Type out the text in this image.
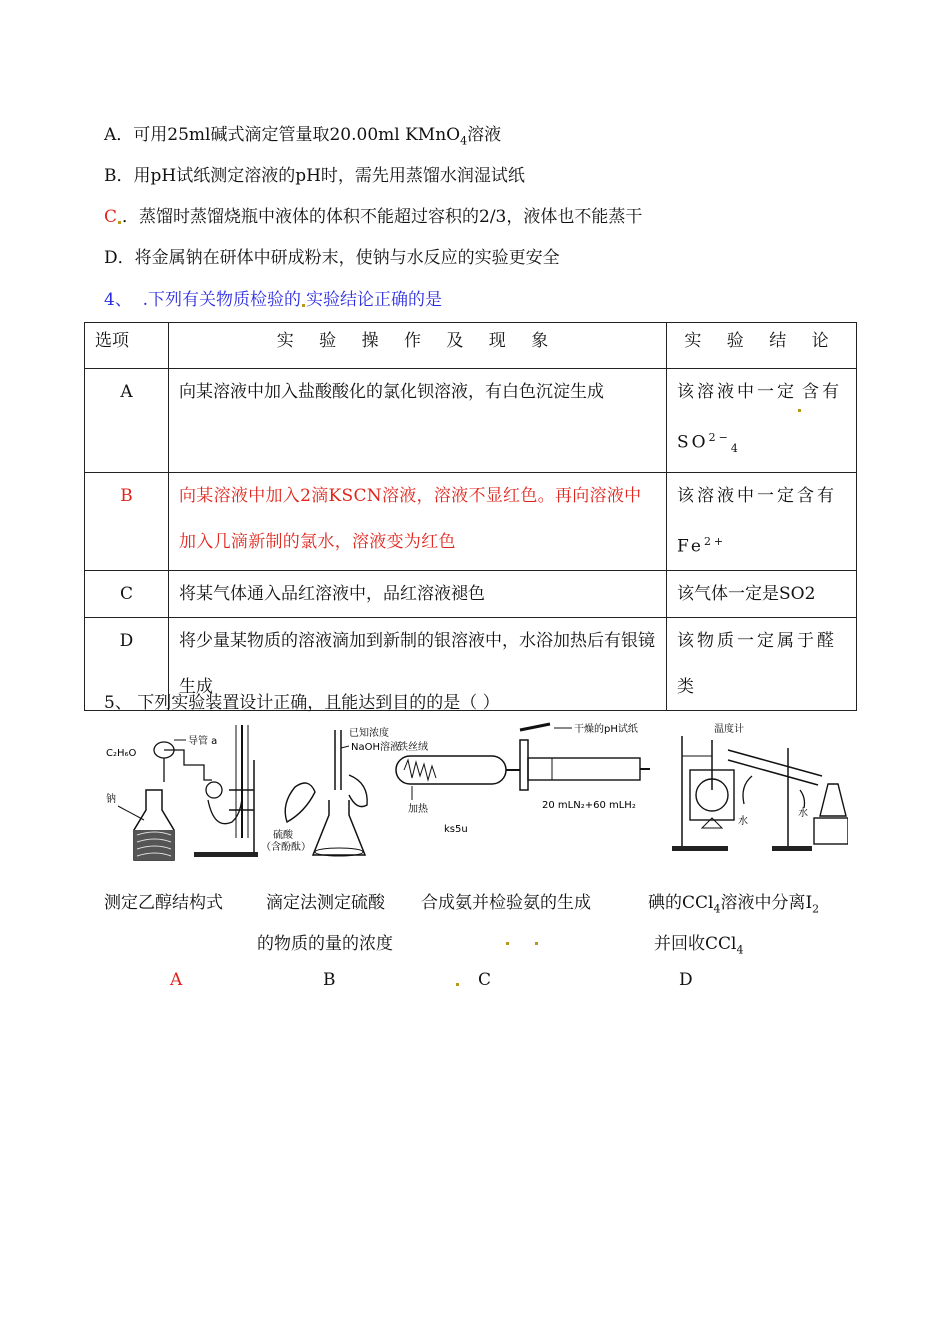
A．可用25ml碱式滴定管量取20.00ml KMnO$_4$溶液
B．用pH试纸测定溶液的pH时，需先用蒸馏水润湿试纸
C ．蒸馏时蒸馏烧瓶中液体的体积不能超过容积的2/3，液体也不能蒸干
D．将金属钠在研体中研成粉末，使钠与水反应的实验更安全
4、 .下列有关物质检验的 实验结论正确的是
选项	实 验 操 作 及 现 象	实 验 结 论
A	向某溶液中加入盐酸酸化的氯化钡溶液，有白色沉淀生成	该溶液中一定 含有
$SO^{2-}_4$
B	向某溶液中加入2滴KSCN溶液，溶液不显红色。再向溶液中加入几滴新制的氯水，溶液变为红色	该溶液中一定含有
$Fe^{2+}$
C	将某气体通入品红溶液中，品红溶液褪色	该气体一定是SO2
D	将少量某物质的溶液滴加到新制的银溶液中，水浴加热后有银镜生成	该物质一定属于醛类
5、 下列实验装置设计正确，且能达到目的的是（ ）
C₂H₆O
导管 a
钠
已知浓度
NaOH溶液
硫酸
（含酚酞）
干燥的pH试纸
铁丝绒
加热	20 mLN₂+60 mLH₂
ks5u
温度计
水
水
测定乙醇结构式	滴定法测定硫酸
的物质的量的浓度
合成氨并检验氨的生成	碘的CCl$_4$溶液中分离$I_2$
并回收CCl$_4$
A	B	C	D
